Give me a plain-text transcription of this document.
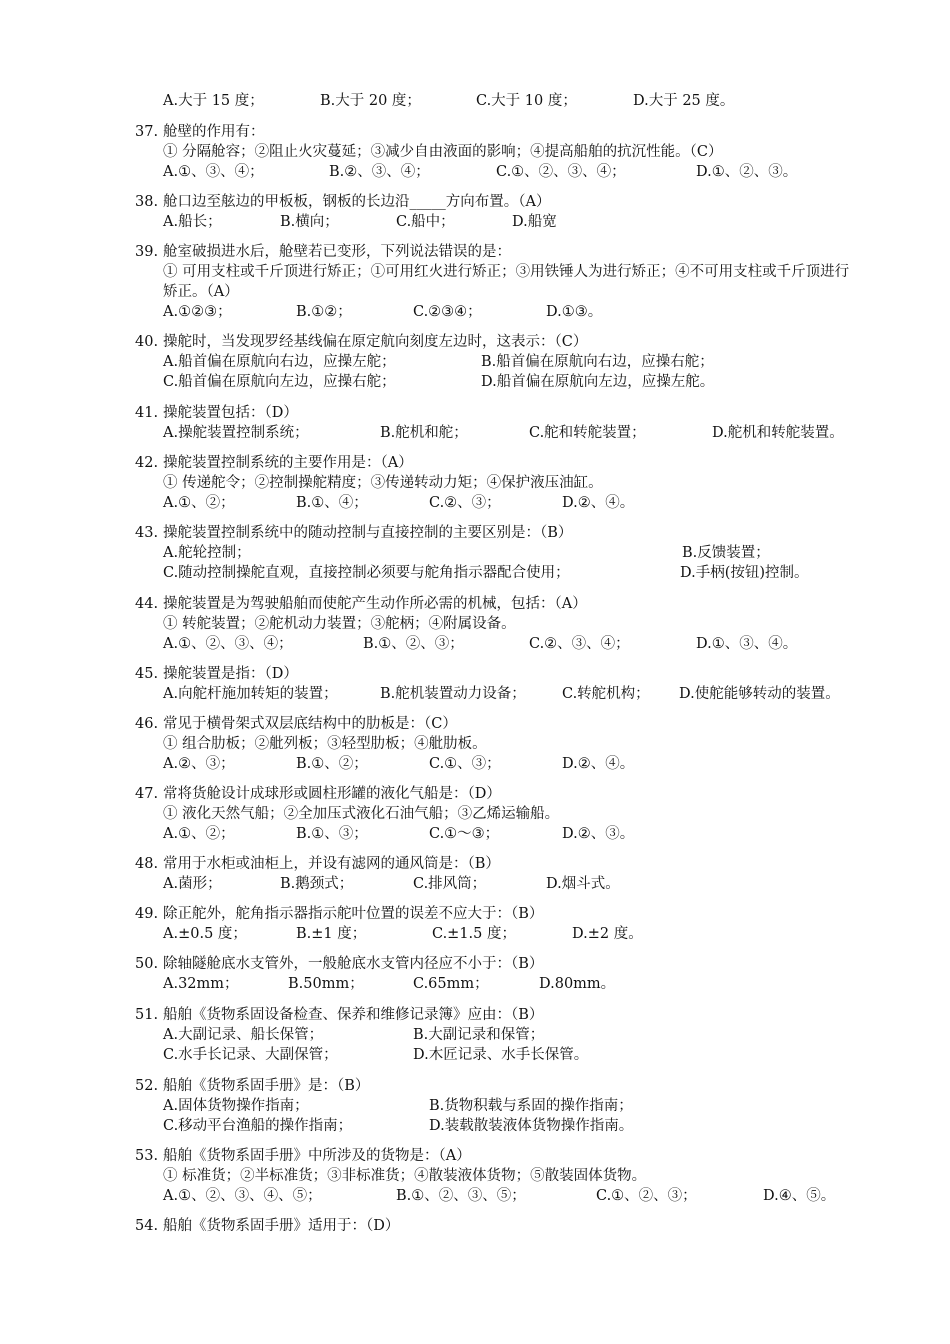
A.大于 15 度；	B.大于 20 度；	C.大于 10 度；	D.大于 25 度。
37. 舱壁的作用有：
① 分隔舱容；②阻止火灾蔓延；③减少自由液面的影响；④提高船舶的抗沉性能。（C）
A.①、③、④；	B.②、③、④；	C.①、②、③、④；	D.①、②、③。
38. 舱口边至舷边的甲板板，钢板的长边沿_____方向布置。（A）
A.船长；	B.横向；	C.船中；	D.船宽
39. 舱室破损进水后，舱壁若已变形，下列说法错误的是：
① 可用支柱或千斤顶进行矫正；①可用红火进行矫正；③用铁锤人为进行矫正；④不可用支柱或千斤顶进行矫正。（A）
A.①②③；	B.①②；	C.②③④；	D.①③。
40. 操舵时，当发现罗经基线偏在原定航向刻度左边时，这表示：（C）
A.船首偏在原航向右边，应操左舵；	B.船首偏在原航向右边，应操右舵；
C.船首偏在原航向左边，应操右舵；	D.船首偏在原航向左边，应操左舵。
41. 操舵装置包括：（D）
A.操舵装置控制系统；	B.舵机和舵；	C.舵和转舵装置；	D.舵机和转舵装置。
42. 操舵装置控制系统的主要作用是：（A）
① 传递舵令；②控制操舵精度；③传递转动力矩；④保护液压油缸。
A.①、②；	B.①、④；	C.②、③；	D.②、④。
43. 操舵装置控制系统中的随动控制与直接控制的主要区别是：（B）
A.舵轮控制；	B.反馈装置；
C.随动控制操舵直观，直接控制必须要与舵角指示器配合使用；	D.手柄(按钮)控制。
44. 操舵装置是为驾驶船舶而使舵产生动作所必需的机械，包括：（A）
① 转舵装置；②舵机动力装置；③舵柄；④附属设备。
A.①、②、③、④；	B.①、②、③；	C.②、③、④；	D.①、③、④。
45. 操舵装置是指：（D）
A.向舵杆施加转矩的装置；	B.舵机装置动力设备； C.转舵机构； D.使舵能够转动的装置。
46. 常见于横骨架式双层底结构中的肋板是：（C）
① 组合肋板；②舭列板；③轻型肋板；④舭肋板。
A.②、③；	B.①、②；	C.①、③；	D.②、④。
47. 常将货舱设计成球形或圆柱形罐的液化气船是：（D）
① 液化天然气船；②全加压式液化石油气船；③乙烯运输船。
A.①、②；	B.①、③；	C.①～③；	D.②、③。
48. 常用于水柜或油柜上，并设有滤网的通风筒是：（B）
A.菌形；	B.鹅颈式；	C.排风筒；	D.烟斗式。
49. 除正舵外，舵角指示器指示舵叶位置的误差不应大于：（B）
A.±0.5 度；	B.±1 度；	C.±1.5 度；	D.±2 度。
50. 除轴隧舱底水支管外，一般舱底水支管内径应不小于：（B）
A.32mm；	B.50mm；	C.65mm；	D.80mm。
51. 船舶《货物系固设备检查、保养和维修记录簿》应由：（B）
A.大副记录、船长保管；	B.大副记录和保管；
C.水手长记录、大副保管；	D.木匠记录、水手长保管。
52. 船舶《货物系固手册》是：（B）
A.固体货物操作指南；	B.货物积载与系固的操作指南；
C.移动平台渔船的操作指南；	D.装载散装液体货物操作指南。
53. 船舶《货物系固手册》中所涉及的货物是：（A）
① 标准货；②半标准货；③非标准货；④散装液体货物；⑤散装固体货物。
A.①、②、③、④、⑤；	B.①、②、③、⑤；	C.①、②、③；	D.④、⑤。
54. 船舶《货物系固手册》适用于：（D）
